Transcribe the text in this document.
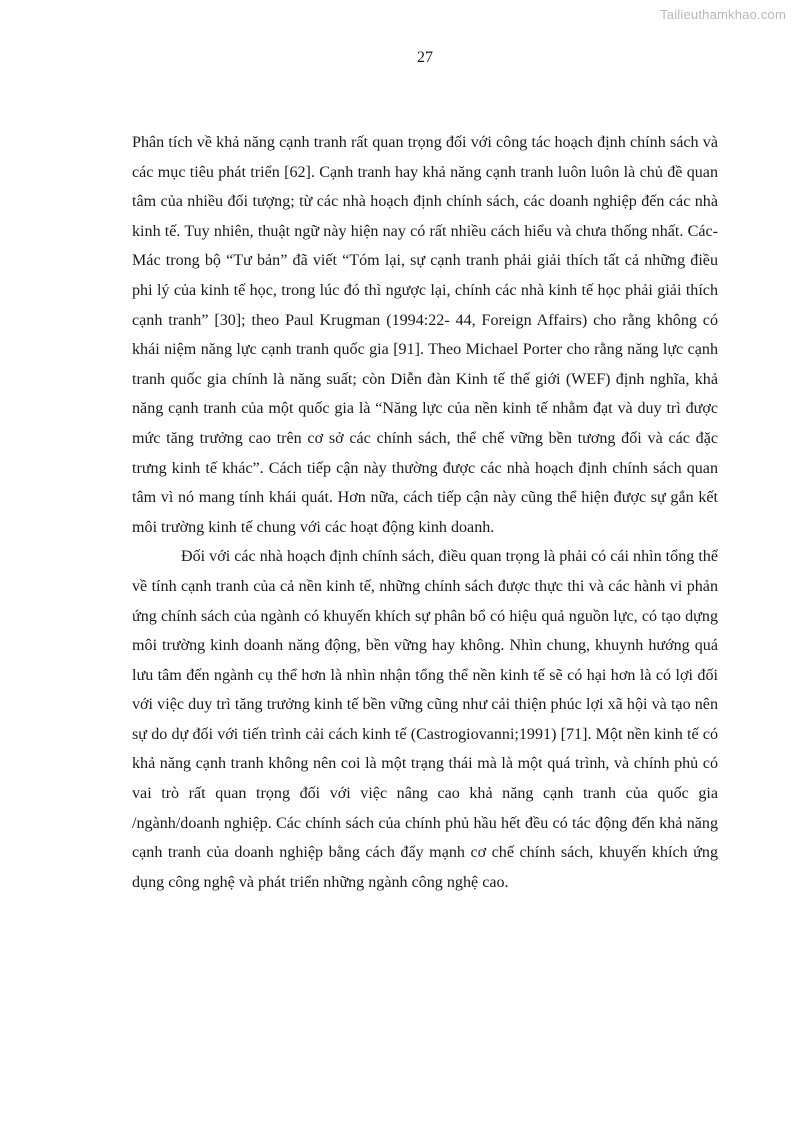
Tailieuthamkhao.com
27

Phân tích về khả năng cạnh tranh rất quan trọng đối với công tác hoạch định chính sách và các mục tiêu phát triển [62]. Cạnh tranh hay khả năng cạnh tranh luôn luôn là chủ đề quan tâm của nhiều đối tượng; từ các nhà hoạch định chính sách, các doanh nghiệp đến các nhà kinh tế. Tuy nhiên, thuật ngữ này hiện nay có rất nhiều cách hiểu và chưa thống nhất. Các-Mác trong bộ “Tư bản” đã viết “Tóm lại, sự cạnh tranh phải giải thích tất cả những điều phi lý của kinh tế học, trong lúc đó thì ngược lại, chính các nhà kinh tế học phải giải thích cạnh tranh” [30]; theo Paul Krugman (1994:22- 44, Foreign Affairs) cho rằng không có khái niệm năng lực cạnh tranh quốc gia [91]. Theo Michael Porter cho rằng năng lực cạnh tranh quốc gia chính là năng suất; còn Diễn đàn Kinh tế thế giới (WEF) định nghĩa, khả năng cạnh tranh của một quốc gia là “Năng lực của nền kinh tế nhằm đạt và duy trì được mức tăng trưởng cao trên cơ sở các chính sách, thể chế vững bền tương đối và các đặc trưng kinh tế khác”. Cách tiếp cận này thường được các nhà hoạch định chính sách quan tâm vì nó mang tính khái quát. Hơn nữa, cách tiếp cận này cũng thể hiện được sự gắn kết môi trường kinh tế chung với các hoạt động kinh doanh.

Đối với các nhà hoạch định chính sách, điều quan trọng là phải có cái nhìn tổng thể về tính cạnh tranh của cả nền kinh tế, những chính sách được thực thi và các hành vi phản ứng chính sách của ngành có khuyến khích sự phân bổ có hiệu quả nguồn lực, có tạo dựng môi trường kinh doanh năng động, bền vững hay không. Nhìn chung, khuynh hướng quá lưu tâm đến ngành cụ thể hơn là nhìn nhận tổng thể nền kinh tế sẽ có hại hơn là có lợi đối với việc duy trì tăng trưởng kinh tế bền vững cũng như cải thiện phúc lợi xã hội và tạo nên sự do dự đối với tiến trình cải cách kinh tế (Castrogiovanni;1991) [71]. Một nền kinh tế có khả năng cạnh tranh không nên coi là một trạng thái mà là một quá trình, và chính phủ có vai trò rất quan trọng đối với việc nâng cao khả năng cạnh tranh của quốc gia /ngành/doanh nghiệp. Các chính sách của chính phủ hầu hết đều có tác động đến khả năng cạnh tranh của doanh nghiệp bằng cách đẩy mạnh cơ chế chính sách, khuyến khích ứng dụng công nghệ và phát triển những ngành công nghệ cao.
